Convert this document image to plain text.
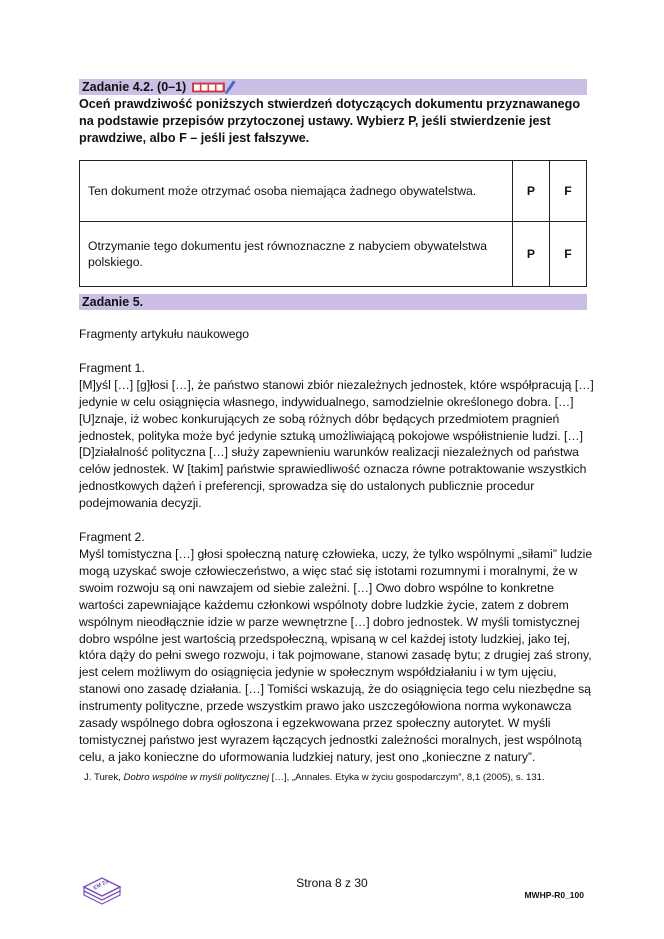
Zadanie 4.2. (0–1)
Oceń prawdziwość poniższych stwierdzeń dotyczących dokumentu przyznawanego na podstawie przepisów przytoczonej ustawy. Wybierz P, jeśli stwierdzenie jest prawdziwe, albo F – jeśli jest fałszywe.
Ten dokument może otrzymać osoba niemająca żadnego obywatelstwa.	P	F
Otrzymanie tego dokumentu jest równoznaczne z nabyciem obywatelstwa polskiego.	P	F
Zadanie 5.

Fragmenty artykułu naukowego

Fragment 1.

[M]yśl […] [g]łosi […], że państwo stanowi zbiór niezależnych jednostek, które współpracują […] jedynie w celu osiągnięcia własnego, indywidualnego, samodzielnie określonego dobra. […] [U]znaje, iż wobec konkurujących ze sobą różnych dóbr będących przedmiotem pragnień jednostek, polityka może być jedynie sztuką umożliwiającą pokojowe współistnienie ludzi. […] [D]ziałalność polityczna […] służy zapewnieniu warunków realizacji niezależnych od państwa celów jednostek. W [takim] państwie sprawiedliwość oznacza równe potraktowanie wszystkich jednostkowych dążeń i preferencji, sprowadza się do ustalonych publicznie procedur podejmowania decyzji.

Fragment 2.

Myśl tomistyczna […] głosi społeczną naturę człowieka, uczy, że tylko wspólnymi „siłami” ludzie mogą uzyskać swoje człowieczeństwo, a więc stać się istotami rozumnymi i moralnymi, że w swoim rozwoju są oni nawzajem od siebie zależni. […] Owo dobro wspólne to konkretne wartości zapewniające każdemu członkowi wspólnoty dobre ludzkie życie, zatem z dobrem wspólnym nieodłącznie idzie w parze wewnętrzne […] dobro jednostek. W myśli tomistycznej dobro wspólne jest wartością przedspołeczną, wpisaną w cel każdej istoty ludzkiej, jako tej, która dąży do pełni swego rozwoju, i tak pojmowane, stanowi zasadę bytu; z drugiej zaś strony, jest celem możliwym do osiągnięcia jedynie w społecznym współdziałaniu i w tym ujęciu, stanowi ono zasadę działania. […] Tomiści wskazują, że do osiągnięcia tego celu niezbędne są instrumenty polityczne, przede wszystkim prawo jako uszczegółowiona norma wykonawcza zasady wspólnego dobra ogłoszona i egzekwowana przez społeczny autorytet. W myśli tomistycznej państwo jest wyrazem łączących jednostki zależności moralnych, jest wspólnotą celu, a jako konieczne do uformowania ludzkiej natury, jest ono „konieczne z natury”.

J. Turek, Dobro wspólne w myśli politycznej […], „Annales. Etyka w życiu gospodarczym”, 8,1 (2005), s. 131.
EM 23	Strona 8 z 30
MWHP-R0_100
